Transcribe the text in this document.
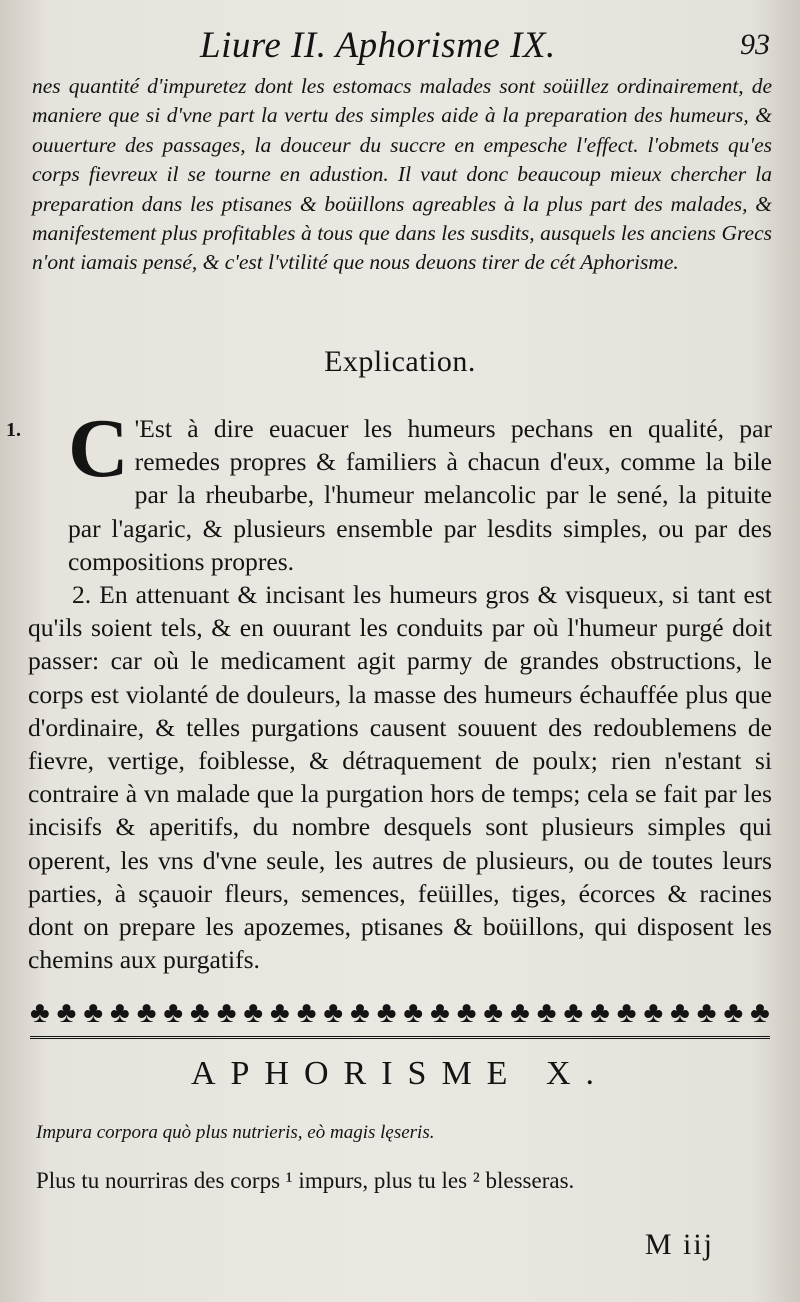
Liure II. Aphorisme IX.	93
nes quantité d'impuretez dont les estomacs malades sont soüillez ordinairement, de maniere que si d'vne part la vertu des simples aide à la preparation des humeurs, & ouuerture des passages, la douceur du succre en empesche l'effect. l'obmets qu'es corps fievreux il se tourne en adustion. Il vaut donc beaucoup mieux chercher la preparation dans les ptisanes & boüillons agreables à la plus part des malades, & manifestement plus profitables à tous que dans les susdits, ausquels les anciens Grecs n'ont iamais pensé, & c'est l'vtilité que nous deuons tirer de cét Aphorisme.
Explication.

1. C 'Est à dire euacuer les humeurs pechans en qualité, par remedes propres & familiers à chacun d'eux, comme la bile par la rheubarbe, l'humeur melancolic par le sené, la pituite par l'agaric, & plusieurs ensemble par lesdits simples, ou par des compositions propres.

2. En attenuant & incisant les humeurs gros & visqueux, si tant est qu'ils soient tels, & en ouurant les conduits par où l'humeur purgé doit passer: car où le medicament agit parmy de grandes obstructions, le corps est violanté de douleurs, la masse des humeurs échauffée plus que d'ordinaire, & telles purgations causent souuent des redoublemens de fievre, vertige, foiblesse, & détraquement de poulx; rien n'estant si contraire à vn malade que la purgation hors de temps; cela se fait par les incisifs & aperitifs, du nombre desquels sont plusieurs simples qui operent, les vns d'vne seule, les autres de plusieurs, ou de toutes leurs parties, à sçauoir fleurs, semences, feüilles, tiges, écorces & racines dont on prepare les apozemes, ptisanes & boüillons, qui disposent les chemins aux purgatifs.

♣ ♣ ♣ ♣ ♣ ♣ ♣ ♣ ♣ ♣ ♣ ♣ ♣ ♣ ♣ ♣ ♣ ♣ ♣ ♣ ♣ ♣ ♣ ♣ ♣ ♣ ♣ ♣
APHORISME X.
Impura corpora quò plus nutrieris, eò magis lęseris.
Plus tu nourriras des corps ¹ impurs, plus tu les ² blesseras.
M iij
